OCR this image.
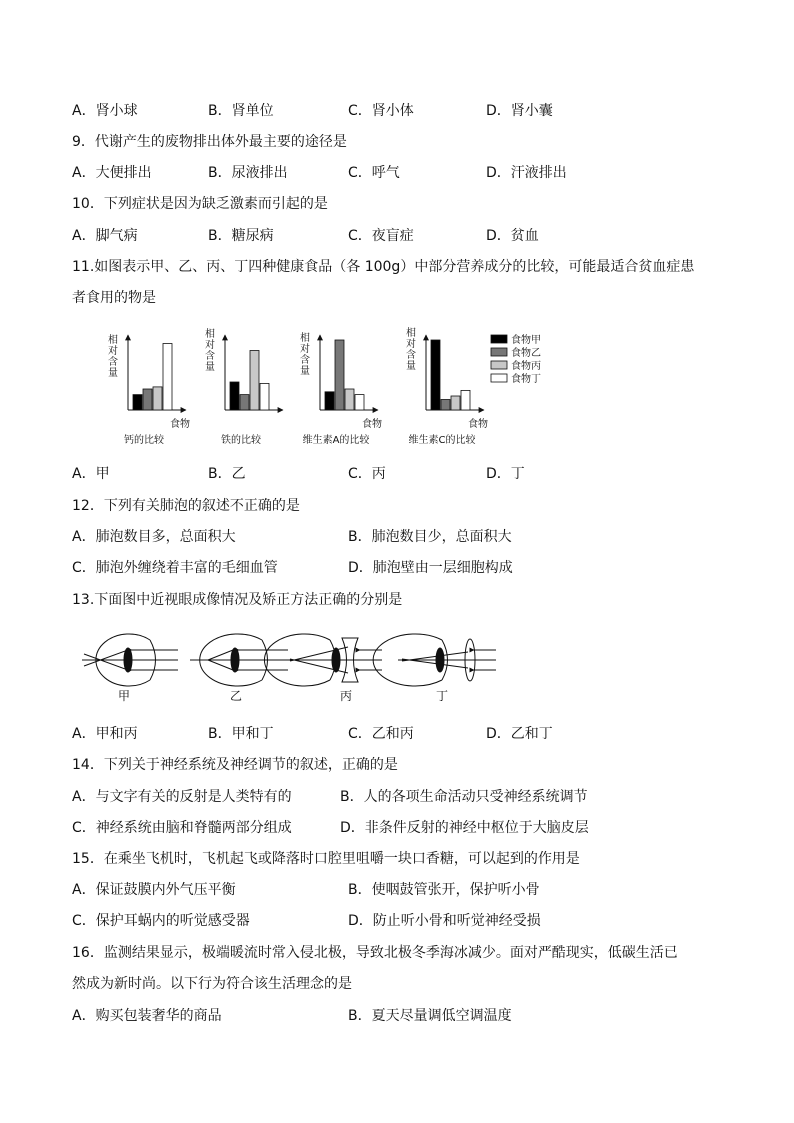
A．肾小球	B．肾单位	C．肾小体	D．肾小囊
9．代谢产生的废物排出体外最主要的途径是
A．大便排出	B．尿液排出	C．呼气	D．汗液排出
10．下列症状是因为缺乏激素而引起的是
A．脚气病	B．糖尿病	C．夜盲症	D．贫血
11.如图表示甲、乙、丙、丁四种健康食品（各 100g）中部分营养成分的比较，可能最适合贫血症患
者食用的物是
相
对
含
量
食物
钙的比较
相
对
含
量
铁的比较
相
对
含
量
食物
维生素A的比较
相
对
含
量
食物
维生素C的比较
食物甲
食物乙
食物丙
食物丁
A．甲	B．乙	C．丙	D．丁
12．下列有关肺泡的叙述不正确的是
A．肺泡数目多，总面积大	B．肺泡数目少，总面积大
C．肺泡外缠绕着丰富的毛细血管	D．肺泡壁由一层细胞构成
13.下面图中近视眼成像情况及矫正方法正确的分别是
甲	乙	丙	丁
A．甲和丙	B．甲和丁	C．乙和丙	D．乙和丁
14．下列关于神经系统及神经调节的叙述，正确的是
A．与文字有关的反射是人类特有的	B．人的各项生命活动只受神经系统调节
C．神经系统由脑和脊髓两部分组成	D．非条件反射的神经中枢位于大脑皮层
15．在乘坐飞机时，飞机起飞或降落时口腔里咀嚼一块口香糖，可以起到的作用是
A．保证鼓膜内外气压平衡	B．使咽鼓管张开，保护听小骨
C．保护耳蜗内的听觉感受器	D．防止听小骨和听觉神经受损
16．监测结果显示，极端暖流时常入侵北极，导致北极冬季海冰减少。面对严酷现实，低碳生活已
然成为新时尚。以下行为符合该生活理念的是
A．购买包装奢华的商品	B．夏天尽量调低空调温度
